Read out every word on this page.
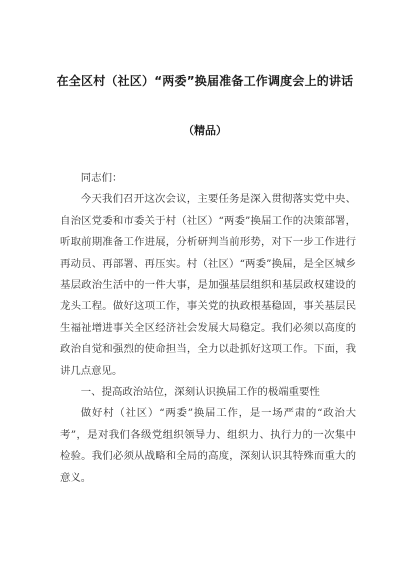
在全区村（社区）“两委”换届准备工作调度会上的讲话
（精品）

同志们：

今天我们召开这次会议，主要任务是深入贯彻落实党中央、自治区党委和市委关于村（社区）“两委”换届工作的决策部署，听取前期准备工作进展，分析研判当前形势，对下一步工作进行再动员、再部署、再压实。村（社区）“两委”换届，是全区城乡基层政治生活中的一件大事，是加强基层组织和基层政权建设的龙头工程。做好这项工作，事关党的执政根基稳固，事关基层民生福祉增进事关全区经济社会发展大局稳定。我们必须以高度的政治自觉和强烈的使命担当，全力以赴抓好这项工作。下面，我讲几点意见。

一、提高政治站位，深刻认识换届工作的极端重要性

做好村（社区）“两委”换届工作，是一场严肃的“政治大考”，是对我们各级党组织领导力、组织力、执行力的一次集中检验。我们必须从战略和全局的高度，深刻认识其特殊而重大的意义。
